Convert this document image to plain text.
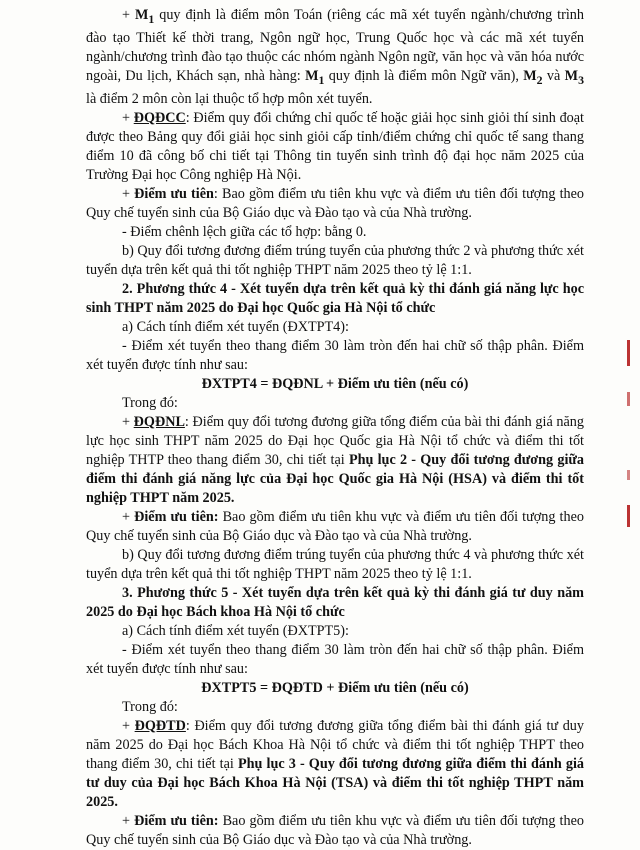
+ $M_1$ quy định là điểm môn Toán (riêng các mã xét tuyển ngành/chương trình đào tạo Thiết kế thời trang, Ngôn ngữ học, Trung Quốc học và các mã xét tuyển ngành/chương trình đào tạo thuộc các nhóm ngành Ngôn ngữ, văn học và văn hóa nước ngoài, Du lịch, Khách sạn, nhà hàng: $M_1$ quy định là điểm môn Ngữ văn), $M_2$ và $M_3$ là điểm 2 môn còn lại thuộc tổ hợp môn xét tuyển.

+ ĐQĐCC: Điểm quy đổi chứng chỉ quốc tế hoặc giải học sinh giỏi thí sinh đoạt được theo Bảng quy đổi giải học sinh giỏi cấp tỉnh/điểm chứng chỉ quốc tế sang thang điểm 10 đã công bố chi tiết tại Thông tin tuyển sinh trình độ đại học năm 2025 của Trường Đại học Công nghiệp Hà Nội.

+ Điểm ưu tiên: Bao gồm điểm ưu tiên khu vực và điểm ưu tiên đối tượng theo Quy chế tuyển sinh của Bộ Giáo dục và Đào tạo và của Nhà trường.

- Điểm chênh lệch giữa các tổ hợp: bằng 0.

b) Quy đổi tương đương điểm trúng tuyển của phương thức 2 và phương thức xét tuyển dựa trên kết quả thi tốt nghiệp THPT năm 2025 theo tỷ lệ 1:1.

2. Phương thức 4 - Xét tuyển dựa trên kết quả kỳ thi đánh giá năng lực học sinh THPT năm 2025 do Đại học Quốc gia Hà Nội tổ chức

a) Cách tính điểm xét tuyển (ĐXTPT4):

- Điểm xét tuyển theo thang điểm 30 làm tròn đến hai chữ số thập phân. Điểm xét tuyển được tính như sau:

ĐXTPT4 = ĐQĐNL + Điểm ưu tiên (nếu có)

Trong đó:

+ ĐQĐNL: Điểm quy đổi tương đương giữa tổng điểm của bài thi đánh giá năng lực học sinh THPT năm 2025 do Đại học Quốc gia Hà Nội tổ chức và điểm thi tốt nghiệp THTP theo thang điểm 30, chi tiết tại Phụ lục 2 - Quy đổi tương đương giữa điểm thi đánh giá năng lực của Đại học Quốc gia Hà Nội (HSA) và điểm thi tốt nghiệp THPT năm 2025.

+ Điểm ưu tiên: Bao gồm điểm ưu tiên khu vực và điểm ưu tiên đối tượng theo Quy chế tuyển sinh của Bộ Giáo dục và Đào tạo và của Nhà trường.

b) Quy đổi tương đương điểm trúng tuyển của phương thức 4 và phương thức xét tuyển dựa trên kết quả thi tốt nghiệp THPT năm 2025 theo tỷ lệ 1:1.

3. Phương thức 5 - Xét tuyển dựa trên kết quả kỳ thi đánh giá tư duy năm 2025 do Đại học Bách khoa Hà Nội tổ chức

a) Cách tính điểm xét tuyển (ĐXTPT5):

- Điểm xét tuyển theo thang điểm 30 làm tròn đến hai chữ số thập phân. Điểm xét tuyển được tính như sau:

ĐXTPT5 = ĐQĐTD + Điểm ưu tiên (nếu có)

Trong đó:

+ ĐQĐTD: Điểm quy đổi tương đương giữa tổng điểm bài thi đánh giá tư duy năm 2025 do Đại học Bách Khoa Hà Nội tổ chức và điểm thi tốt nghiệp THPT theo thang điểm 30, chi tiết tại Phụ lục 3 - Quy đổi tương đương giữa điểm thi đánh giá tư duy của Đại học Bách Khoa Hà Nội (TSA) và điểm thi tốt nghiệp THPT năm 2025.

+ Điểm ưu tiên: Bao gồm điểm ưu tiên khu vực và điểm ưu tiên đối tượng theo Quy chế tuyển sinh của Bộ Giáo dục và Đào tạo và của Nhà trường.
